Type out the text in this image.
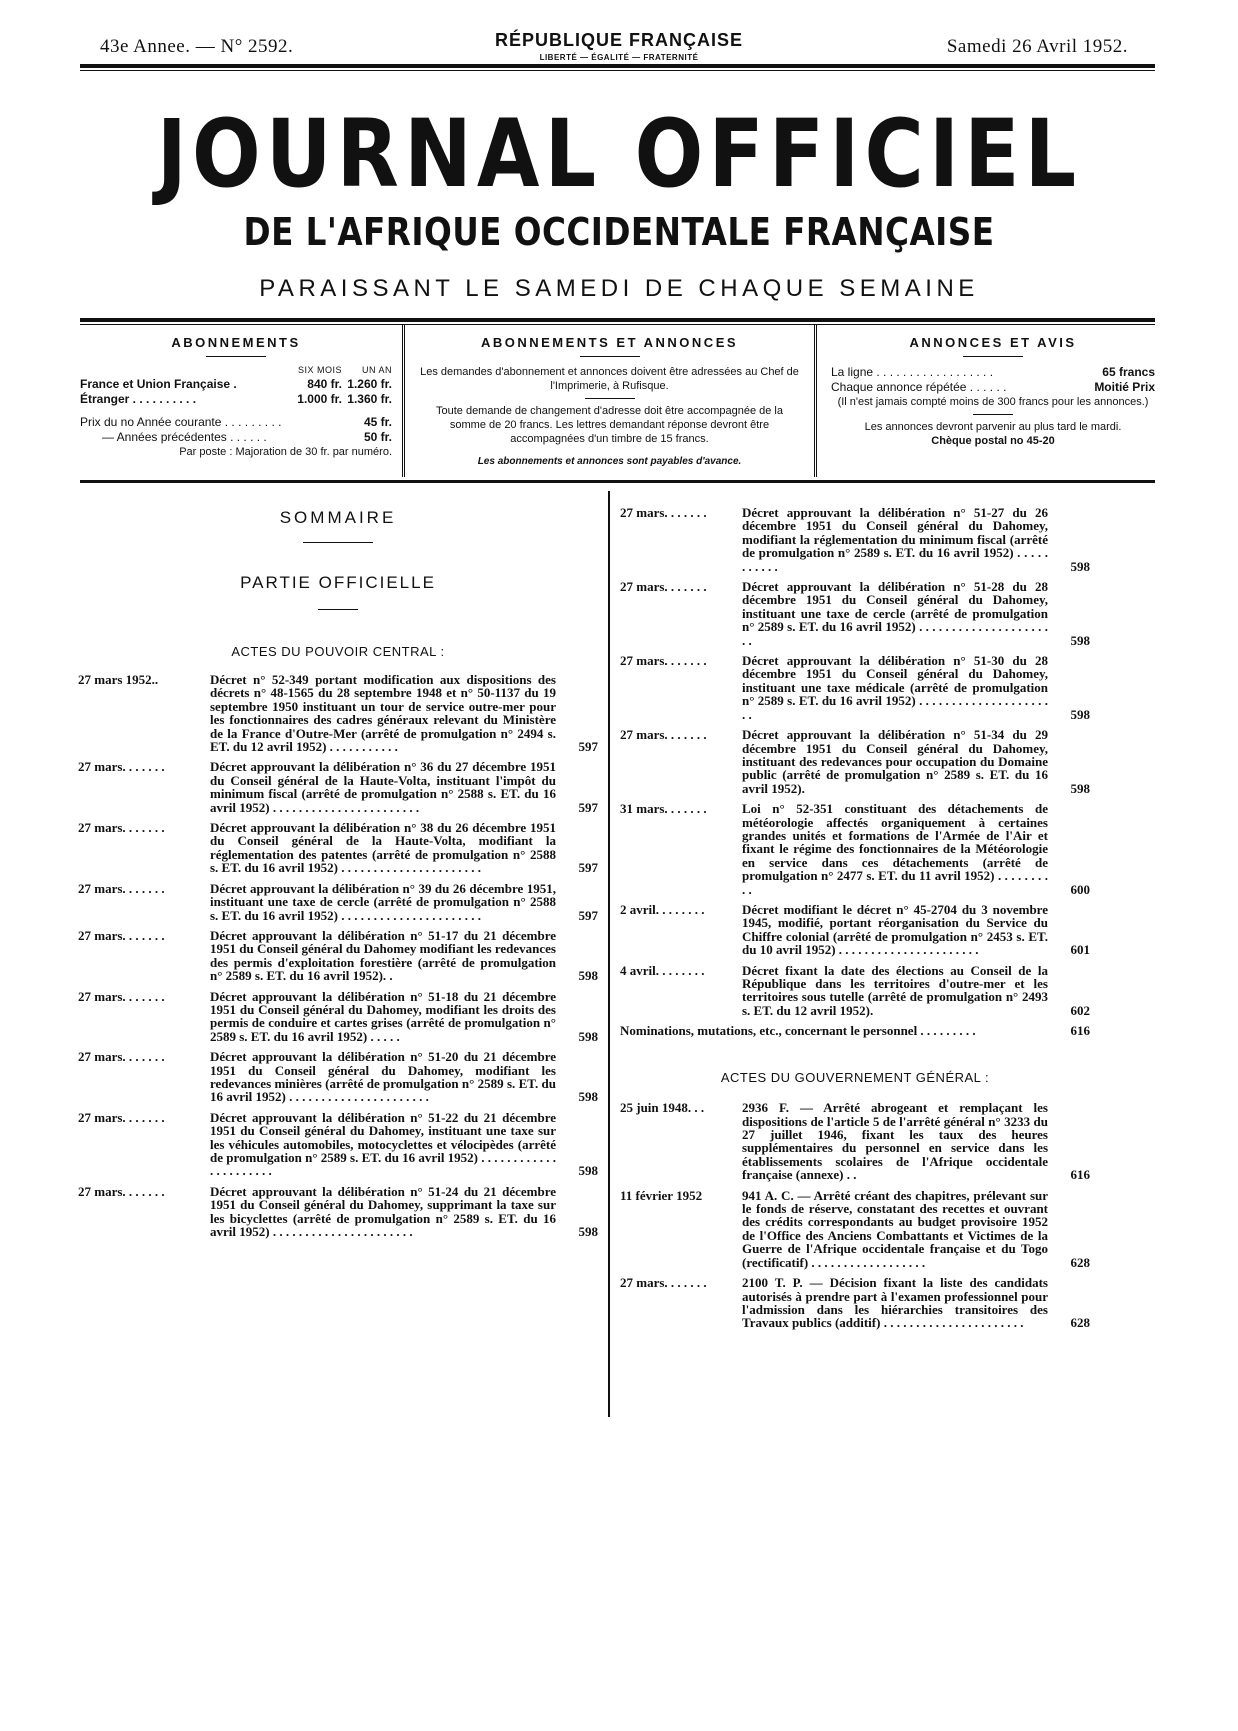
43e Annee. — N° 2592.	RÉPUBLIQUE FRANÇAISE
LIBERTÉ — ÉGALITÉ — FRATERNITÉ
Samedi 26 Avril 1952.
JOURNAL OFFICIEL
DE L'AFRIQUE OCCIDENTALE FRANÇAISE
PARAISSANT LE SAMEDI DE CHAQUE SEMAINE
ABONNEMENTS
SIX MOIS	UN AN
France et Union Française .	840 fr. 1.260 fr.
Étranger . . . . . . . . . .	1.000 fr. 1.360 fr.
Prix du no Année courante . . . . . . . . .	45 fr.
— Années précédentes . . . . . .	50 fr.
Par poste : Majoration de 30 fr. par numéro.
ABONNEMENTS ET ANNONCES
Les demandes d'abonnement et annonces doivent être adressées au Chef de l'Imprimerie, à Rufisque.
Toute demande de changement d'adresse doit être accompagnée de la somme de 20 francs. Les lettres demandant réponse devront être accompagnées d'un timbre de 15 francs.
Les abonnements et annonces sont payables d'avance.
ANNONCES ET AVIS
La ligne . . . . . . . . . . . . . . . . . .	65 francs
Chaque annonce répétée . . . . . .	Moitié Prix
(Il n'est jamais compté moins de 300 francs pour les annonces.)
Les annonces devront parvenir au plus tard le mardi.
Chèque postal no 45-20
SOMMAIRE
PARTIE OFFICIELLE
ACTES DU POUVOIR CENTRAL :
27 mars 1952..	Décret n° 52-349 portant modification aux dispositions des décrets n° 48-1565 du 28 septembre 1948 et n° 50-1137 du 19 septembre 1950 instituant un tour de service outre-mer pour les fonctionnaires des cadres généraux relevant du Ministère de la France d'Outre-Mer (arrêté de promulgation n° 2494 s. ET. du 12 avril 1952) . . . . . . . . . . .	597
27 mars. . . . . . .	Décret approuvant la délibération n° 36 du 27 décembre 1951 du Conseil général de la Haute-Volta, instituant l'impôt du minimum fiscal (arrêté de promulgation n° 2588 s. ET. du 16 avril 1952) . . . . . . . . . . . . . . . . . . . . . . .	597
27 mars. . . . . . .	Décret approuvant la délibération n° 38 du 26 décembre 1951 du Conseil général de la Haute-Volta, modifiant la réglementation des patentes (arrêté de promulgation n° 2588 s. ET. du 16 avril 1952) . . . . . . . . . . . . . . . . . . . . . .	597
27 mars. . . . . . .	Décret approuvant la délibération n° 39 du 26 décembre 1951, instituant une taxe de cercle (arrêté de promulgation n° 2588 s. ET. du 16 avril 1952) . . . . . . . . . . . . . . . . . . . . . .	597
27 mars. . . . . . .	Décret approuvant la délibération n° 51-17 du 21 décembre 1951 du Conseil général du Dahomey modifiant les redevances des permis d'exploitation forestière (arrêté de promulgation n° 2589 s. ET. du 16 avril 1952). .	598
27 mars. . . . . . .	Décret approuvant la délibération n° 51-18 du 21 décembre 1951 du Conseil général du Dahomey, modifiant les droits des permis de conduire et cartes grises (arrêté de promulgation n° 2589 s. ET. du 16 avril 1952) . . . . .	598
27 mars. . . . . . .	Décret approuvant la délibération n° 51-20 du 21 décembre 1951 du Conseil général du Dahomey, modifiant les redevances minières (arrêté de promulgation n° 2589 s. ET. du 16 avril 1952) . . . . . . . . . . . . . . . . . . . . . .	598
27 mars. . . . . . .	Décret approuvant la délibération n° 51-22 du 21 décembre 1951 du Conseil général du Dahomey, instituant une taxe sur les véhicules automobiles, motocyclettes et vélocipèdes (arrêté de promulgation n° 2589 s. ET. du 16 avril 1952) . . . . . . . . . . . . . . . . . . . . . .	598
27 mars. . . . . . .	Décret approuvant la délibération n° 51-24 du 21 décembre 1951 du Conseil général du Dahomey, supprimant la taxe sur les bicyclettes (arrêté de promulgation n° 2589 s. ET. du 16 avril 1952) . . . . . . . . . . . . . . . . . . . . . .	598
27 mars. . . . . . .	Décret approuvant la délibération n° 51-27 du 26 décembre 1951 du Conseil général du Dahomey, modifiant la réglementation du minimum fiscal (arrêté de promulgation n° 2589 s. ET. du 16 avril 1952) . . . . . . . . . . .	598
27 mars. . . . . . .	Décret approuvant la délibération n° 51-28 du 28 décembre 1951 du Conseil général du Dahomey, instituant une taxe de cercle (arrêté de promulgation n° 2589 s. ET. du 16 avril 1952) . . . . . . . . . . . . . . . . . . . . . .	598
27 mars. . . . . . .	Décret approuvant la délibération n° 51-30 du 28 décembre 1951 du Conseil général du Dahomey, instituant une taxe médicale (arrêté de promulgation n° 2589 s. ET. du 16 avril 1952) . . . . . . . . . . . . . . . . . . . . . .	598
27 mars. . . . . . .	Décret approuvant la délibération n° 51-34 du 29 décembre 1951 du Conseil général du Dahomey, instituant des redevances pour occupation du Domaine public (arrêté de promulgation n° 2589 s. ET. du 16 avril 1952).	598
31 mars. . . . . . .	Loi n° 52-351 constituant des détachements de météorologie affectés organiquement à certaines grandes unités et formations de l'Armée de l'Air et fixant le régime des fonctionnaires de la Météorologie en service dans ces détachements (arrêté de promulgation n° 2477 s. ET. du 11 avril 1952) . . . . . . . . . .	600
2 avril. . . . . . . .	Décret modifiant le décret n° 45-2704 du 3 novembre 1945, modifié, portant réorganisation du Service du Chiffre colonial (arrêté de promulgation n° 2453 s. ET. du 10 avril 1952) . . . . . . . . . . . . . . . . . . . . . .	601
4 avril. . . . . . . .	Décret fixant la date des élections au Conseil de la République dans les territoires d'outre-mer et les territoires sous tutelle (arrêté de promulgation n° 2493 s. ET. du 12 avril 1952).	602
Nominations, mutations, etc., concernant le personnel . . . . . . . . .	616
ACTES DU GOUVERNEMENT GÉNÉRAL :
25 juin 1948. . .	2936 F. — Arrêté abrogeant et remplaçant les dispositions de l'article 5 de l'arrêté général n° 3233 du 27 juillet 1946, fixant les taux des heures supplémentaires du personnel en service dans les établissements scolaires de l'Afrique occidentale française (annexe) . .	616
11 février 1952	941 A. C. — Arrêté créant des chapitres, prélevant sur le fonds de réserve, constatant des recettes et ouvrant des crédits correspondants au budget provisoire 1952 de l'Office des Anciens Combattants et Victimes de la Guerre de l'Afrique occidentale française et du Togo (rectificatif) . . . . . . . . . . . . . . . . . .	628
27 mars. . . . . . .	2100 T. P. — Décision fixant la liste des candidats autorisés à prendre part à l'examen professionnel pour l'admission dans les hiérarchies transitoires des Travaux publics (additif) . . . . . . . . . . . . . . . . . . . . . .	628
